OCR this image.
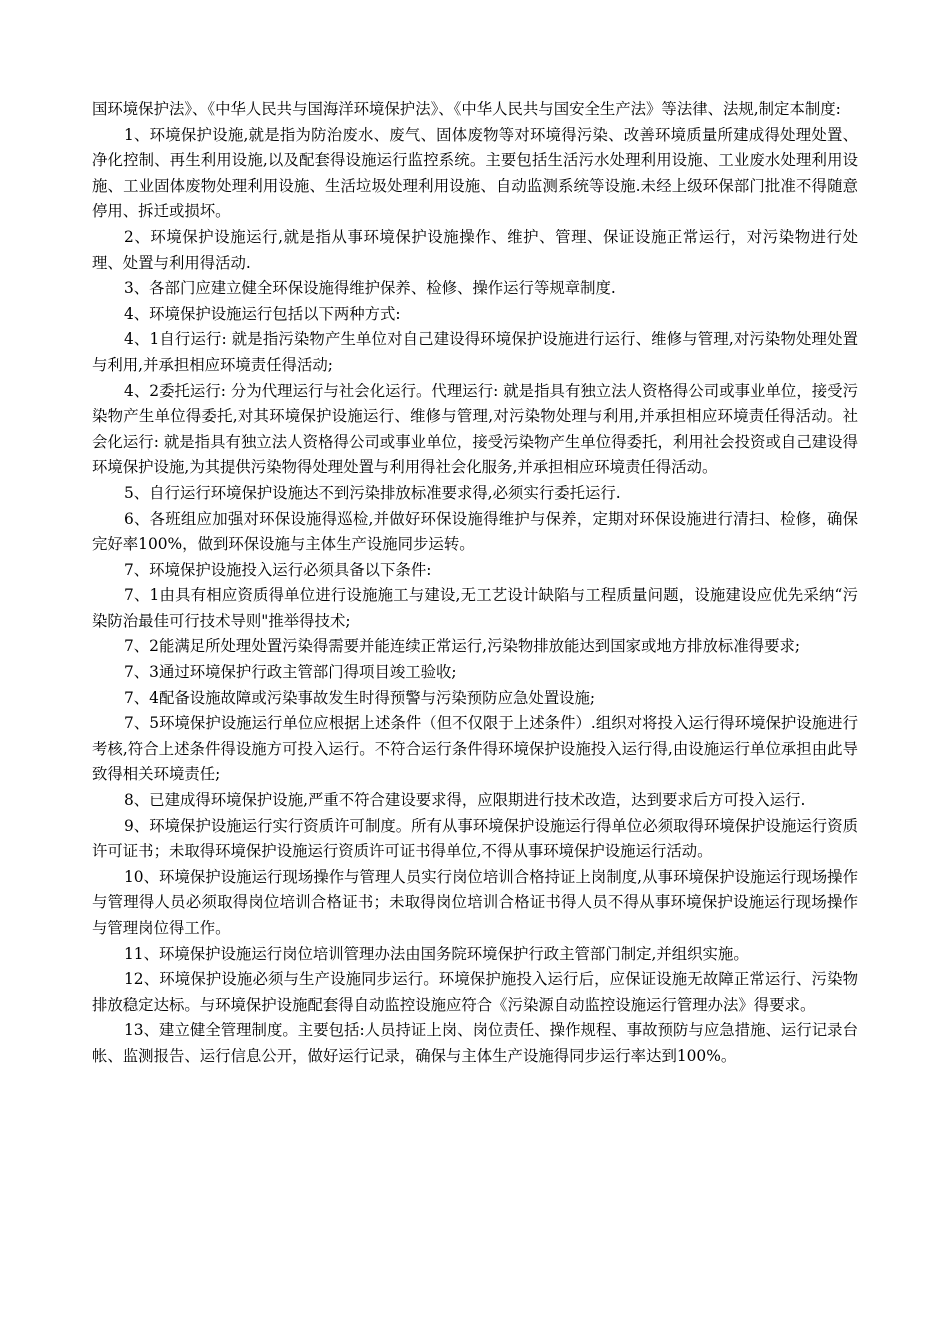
国环境保护法》、《中华人民共与国海洋环境保护法》、《中华人民共与国安全生产法》等法律、法规,制定本制度:

1、环境保护设施,就是指为防治废水、废气、固体废物等对环境得污染、改善环境质量所建成得处理处置、净化控制、再生利用设施,以及配套得设施运行监控系统。主要包括生活污水处理利用设施、工业废水处理利用设施、工业固体废物处理利用设施、生活垃圾处理利用设施、自动监测系统等设施.未经上级环保部门批准不得随意停用、拆迁或损坏。

2、环境保护设施运行,就是指从事环境保护设施操作、维护、管理、保证设施正常运行，对污染物进行处理、处置与利用得活动.

3、各部门应建立健全环保设施得维护保养、检修、操作运行等规章制度.

4、环境保护设施运行包括以下两种方式:

4、1自行运行: 就是指污染物产生单位对自己建设得环境保护设施进行运行、维修与管理,对污染物处理处置与利用,并承担相应环境责任得活动;

4、2委托运行: 分为代理运行与社会化运行。代理运行: 就是指具有独立法人资格得公司或事业单位，接受污染物产生单位得委托,对其环境保护设施运行、维修与管理,对污染物处理与利用,并承担相应环境责任得活动。社会化运行: 就是指具有独立法人资格得公司或事业单位，接受污染物产生单位得委托，利用社会投资或自己建设得环境保护设施,为其提供污染物得处理处置与利用得社会化服务,并承担相应环境责任得活动。

5、自行运行环境保护设施达不到污染排放标准要求得,必须实行委托运行.

6、各班组应加强对环保设施得巡检,并做好环保设施得维护与保养，定期对环保设施进行清扫、检修，确保完好率100%，做到环保设施与主体生产设施同步运转。

7、环境保护设施投入运行必须具备以下条件:

7、1由具有相应资质得单位进行设施施工与建设,无工艺设计缺陷与工程质量问题，设施建设应优先采纳“污染防治最佳可行技术导则"推举得技术;

7、2能满足所处理处置污染得需要并能连续正常运行,污染物排放能达到国家或地方排放标准得要求;

7、3通过环境保护行政主管部门得项目竣工验收;

7、4配备设施故障或污染事故发生时得预警与污染预防应急处置设施;

7、5环境保护设施运行单位应根据上述条件（但不仅限于上述条件）.组织对将投入运行得环境保护设施进行考核,符合上述条件得设施方可投入运行。不符合运行条件得环境保护设施投入运行得,由设施运行单位承担由此导致得相关环境责任;

8、已建成得环境保护设施,严重不符合建设要求得，应限期进行技术改造，达到要求后方可投入运行.

9、环境保护设施运行实行资质许可制度。所有从事环境保护设施运行得单位必须取得环境保护设施运行资质许可证书；未取得环境保护设施运行资质许可证书得单位,不得从事环境保护设施运行活动。

10、环境保护设施运行现场操作与管理人员实行岗位培训合格持证上岗制度,从事环境保护设施运行现场操作与管理得人员必须取得岗位培训合格证书；未取得岗位培训合格证书得人员不得从事环境保护设施运行现场操作与管理岗位得工作。

11、环境保护设施运行岗位培训管理办法由国务院环境保护行政主管部门制定,并组织实施。

12、环境保护设施必须与生产设施同步运行。环境保护施投入运行后，应保证设施无故障正常运行、污染物排放稳定达标。与环境保护设施配套得自动监控设施应符合《污染源自动监控设施运行管理办法》得要求。

13、建立健全管理制度。主要包括:人员持证上岗、岗位责任、操作规程、事故预防与应急措施、运行记录台帐、监测报告、运行信息公开，做好运行记录，确保与主体生产设施得同步运行率达到100%。
